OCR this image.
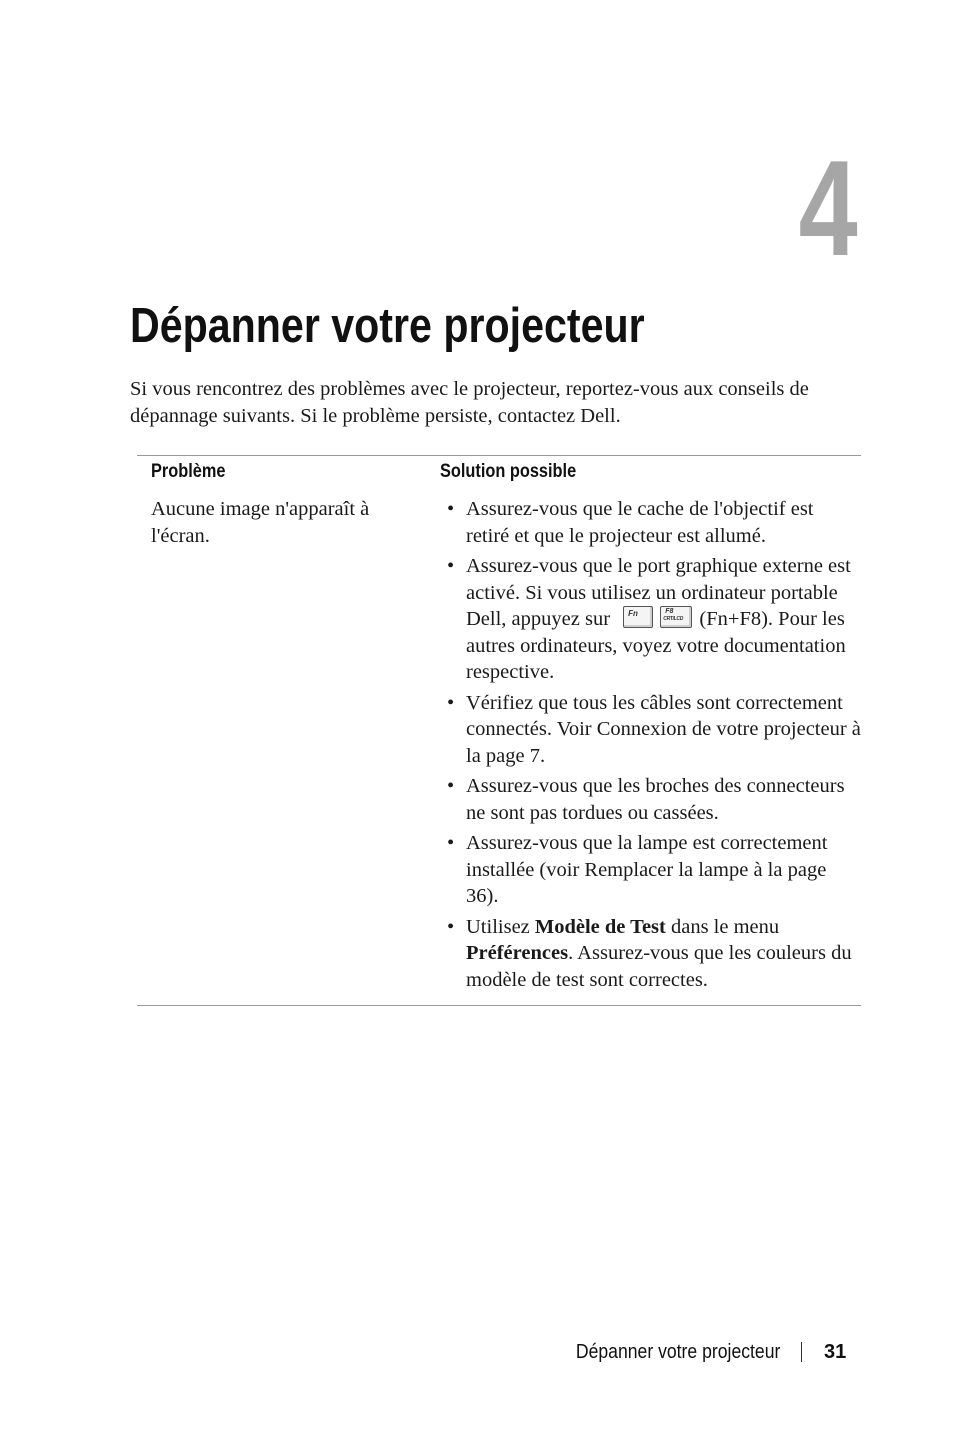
4
Dépanner votre projecteur

Si vous rencontrez des problèmes avec le projecteur, reportez-vous aux conseils de dépannage suivants. Si le problème persiste, contactez Dell.

Problème	Solution possible
Aucune image n'apparaît à l'écran.
• Assurez-vous que le cache de l'objectif est retiré et que le projecteur est allumé.
• Assurez-vous que le port graphique externe est activé. Si vous utilisez un ordinateur portable Dell, appuyez sur Fn
	F8
CRT/LCD (Fn+F8). Pour les autres ordinateurs, voyez votre documentation respective.
• Vérifiez que tous les câbles sont correctement connectés. Voir Connexion de votre projecteur à la page 7.
• Assurez-vous que les broches des connecteurs ne sont pas tordues ou cassées.
• Assurez-vous que la lampe est correctement installée (voir Remplacer la lampe à la page 36).
• Utilisez Modèle de Test dans le menu Préférences. Assurez-vous que les couleurs du modèle de test sont correctes.
Dépanner votre projecteur 31
